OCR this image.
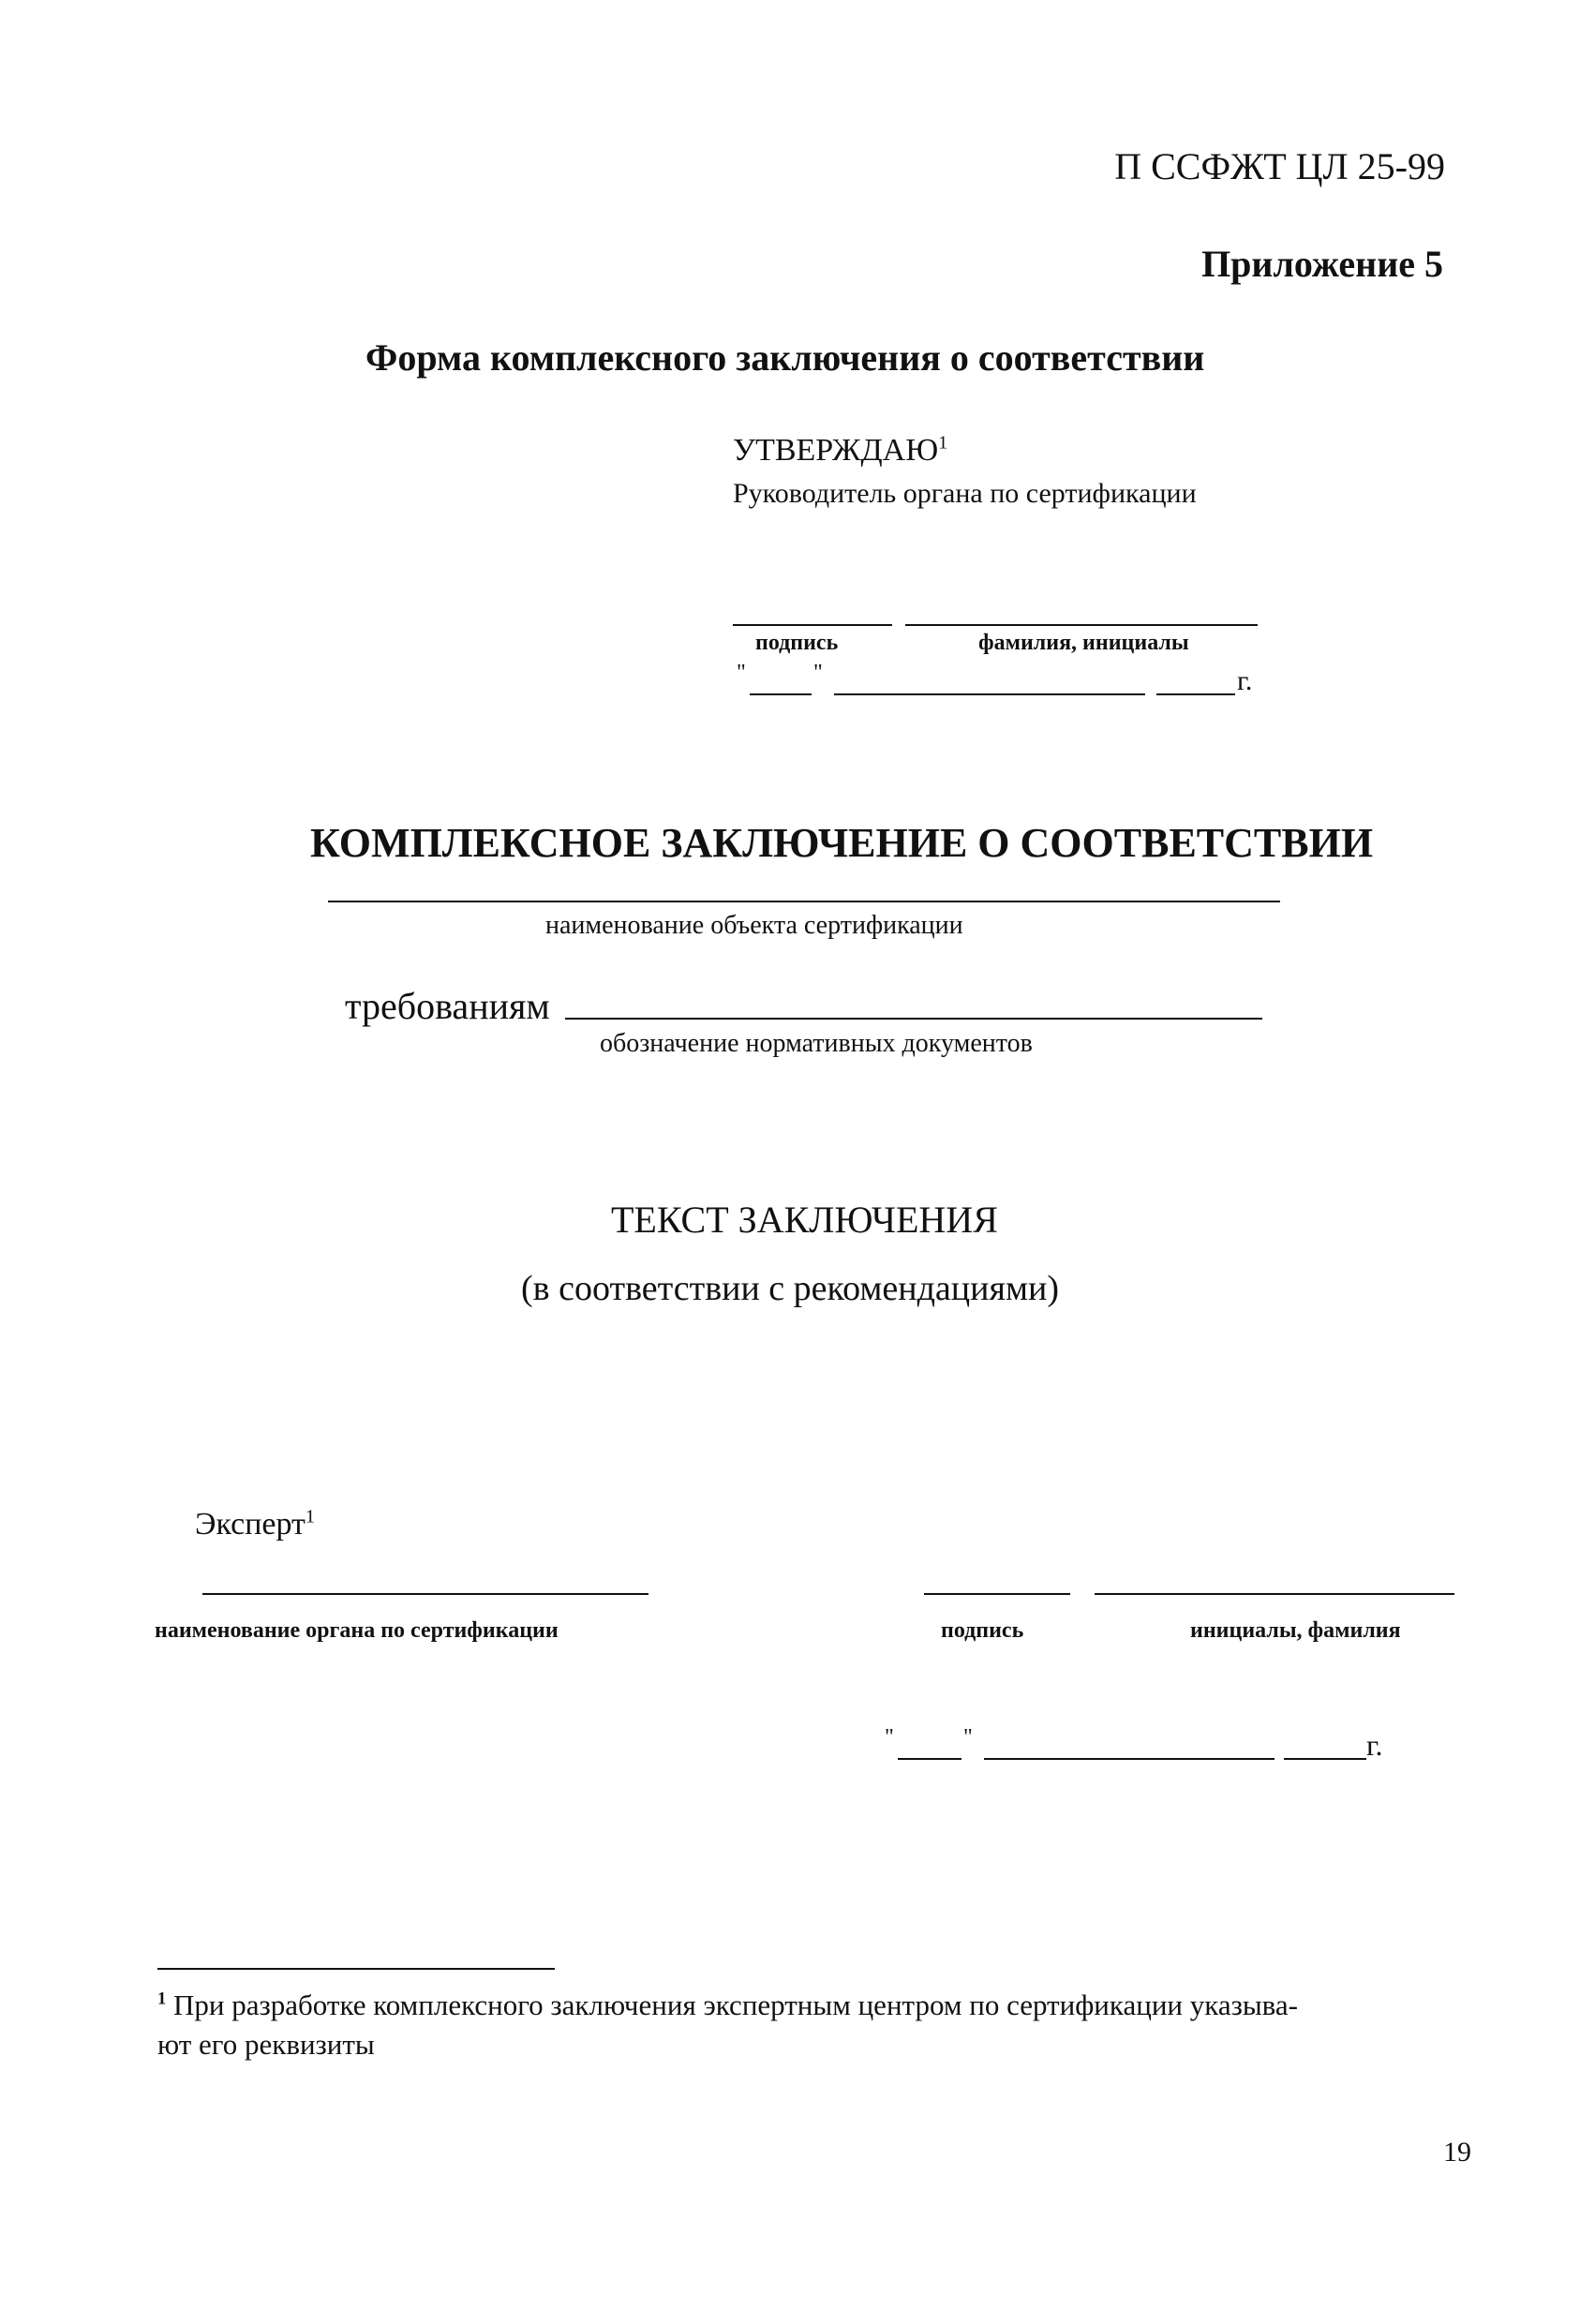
П ССФЖТ ЦЛ 25-99
Приложение 5
Форма комплексного заключения о соответствии
УТВЕРЖДАЮ$^1$
Руководитель органа по сертификации
подпись	фамилия, инициалы
"	"	г.
КОМПЛЕКСНОЕ ЗАКЛЮЧЕНИЕ О СООТВЕТСТВИИ
наименование объекта сертификации
требованиям
обозначение нормативных документов
ТЕКСТ ЗАКЛЮЧЕНИЯ
(в соответствии с рекомендациями)
Эксперт$^1$
наименование органа по сертификации	подпись	инициалы, фамилия
"	"	г.
$^1$ При разработке комплексного заключения экспертным центром по сертификации указыва-
ют его реквизиты
19
